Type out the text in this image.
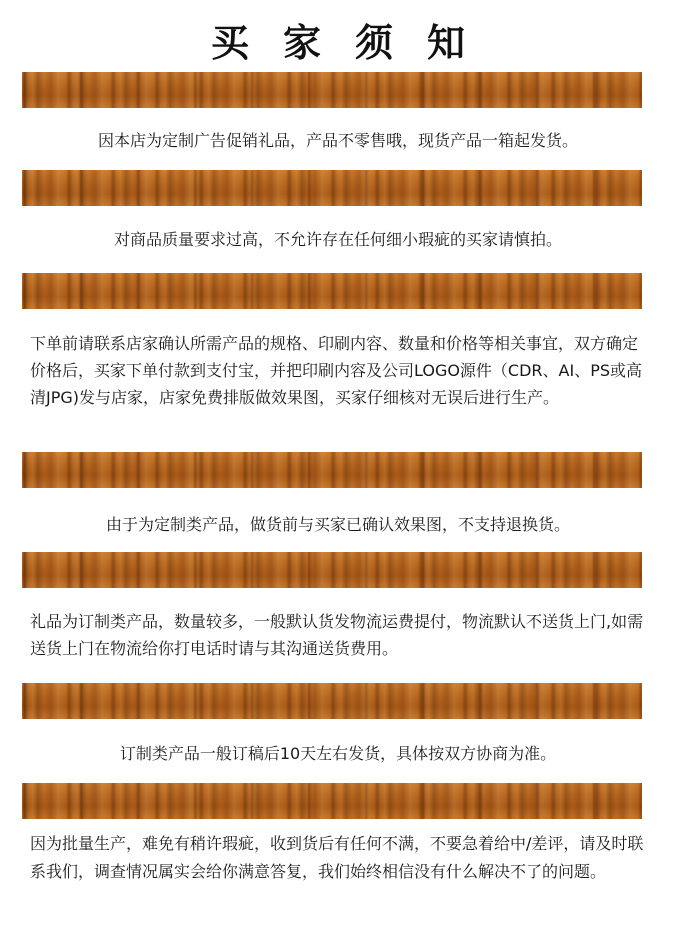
买家须知
因本店为定制广告促销礼品，产品不零售哦，现货产品一箱起发货。
对商品质量要求过高，不允许存在任何细小瑕疵的买家请慎拍。
下单前请联系店家确认所需产品的规格、印刷内容、数量和价格等相关事宜，双方确定价格后，买家下单付款到支付宝，并把印刷内容及公司LOGO源件（CDR、AI、PS或高清JPG)发与店家，店家免费排版做效果图，买家仔细核对无误后进行生产。
由于为定制类产品，做货前与买家已确认效果图，不支持退换货。
礼品为订制类产品，数量较多，一般默认货发物流运费提付，物流默认不送货上门,如需送货上门在物流给你打电话时请与其沟通送货费用。
订制类产品一般订稿后10天左右发货，具体按双方协商为准。
因为批量生产，难免有稍许瑕疵，收到货后有任何不满，不要急着给中/差评，请及时联系我们，调查情况属实会给你满意答复，我们始终相信没有什么解决不了的问题。
